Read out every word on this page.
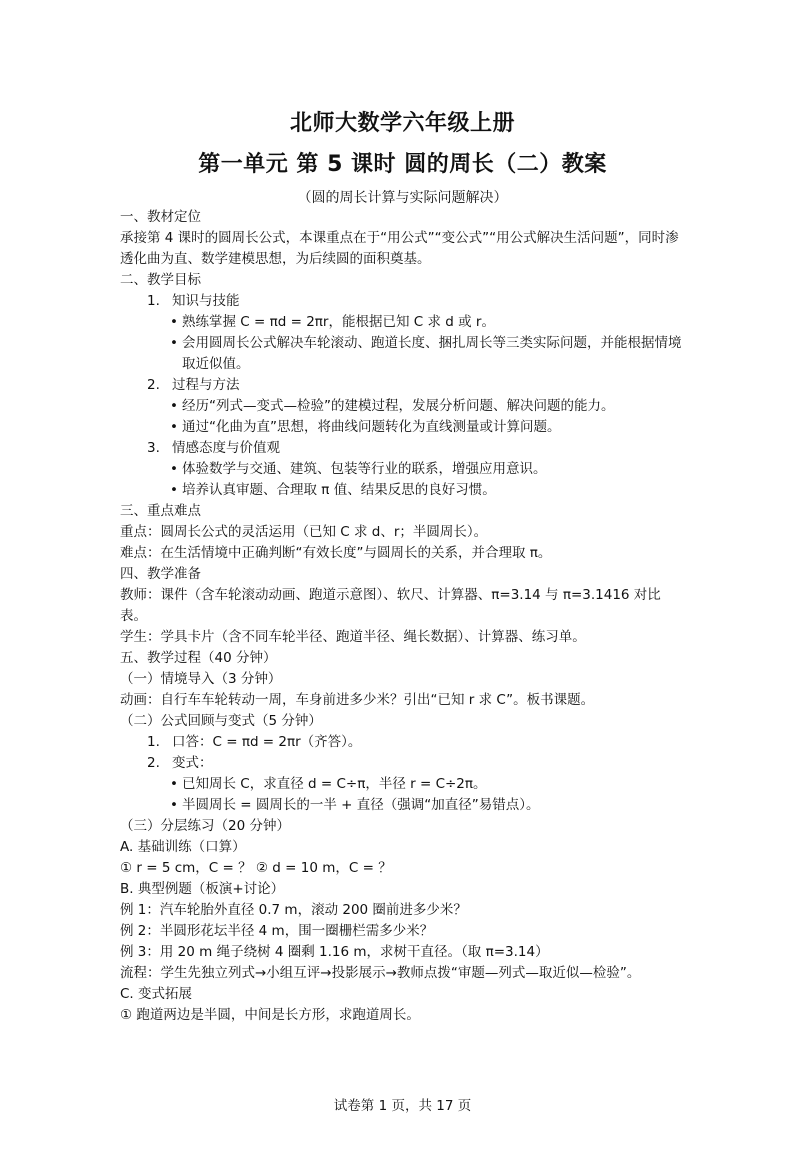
北师大数学六年级上册
第一单元 第 5 课时 圆的周长（二）教案
（圆的周长计算与实际问题解决）
一、教材定位
承接第 4 课时的圆周长公式，本课重点在于“用公式”“变公式”“用公式解决生活问题”，同时渗透化曲为直、数学建模思想，为后续圆的面积奠基。
二、教学目标
1. 知识与技能
• 熟练掌握 C = πd = 2πr，能根据已知 C 求 d 或 r。
• 会用圆周长公式解决车轮滚动、跑道长度、捆扎周长等三类实际问题，并能根据情境取近似值。
2. 过程与方法
• 经历“列式—变式—检验”的建模过程，发展分析问题、解决问题的能力。
• 通过“化曲为直”思想，将曲线问题转化为直线测量或计算问题。
3. 情感态度与价值观
• 体验数学与交通、建筑、包装等行业的联系，增强应用意识。
• 培养认真审题、合理取 π 值、结果反思的良好习惯。
三、重点难点
重点：圆周长公式的灵活运用（已知 C 求 d、r；半圆周长）。
难点：在生活情境中正确判断“有效长度”与圆周长的关系，并合理取 π。
四、教学准备
教师：课件（含车轮滚动动画、跑道示意图）、软尺、计算器、π=3.14 与 π=3.1416 对比表。
学生：学具卡片（含不同车轮半径、跑道半径、绳长数据）、计算器、练习单。
五、教学过程（40 分钟）
（一）情境导入（3 分钟）
动画：自行车车轮转动一周，车身前进多少米？引出“已知 r 求 C”。板书课题。
（二）公式回顾与变式（5 分钟）
1. 口答：C = πd = 2πr（齐答）。
2. 变式：
• 已知周长 C，求直径 d = C÷π，半径 r = C÷2π。
• 半圆周长 = 圆周长的一半 + 直径（强调“加直径”易错点）。
（三）分层练习（20 分钟）
A. 基础训练（口算）
① r = 5 cm，C = ？ ② d = 10 m，C = ？
B. 典型例题（板演+讨论）
例 1：汽车轮胎外直径 0.7 m，滚动 200 圈前进多少米？
例 2：半圆形花坛半径 4 m，围一圈栅栏需多少米？
例 3：用 20 m 绳子绕树 4 圈剩 1.16 m，求树干直径。（取 π=3.14）
流程：学生先独立列式→小组互评→投影展示→教师点拨“审题—列式—取近似—检验”。
C. 变式拓展
① 跑道两边是半圆，中间是长方形，求跑道周长。
试卷第 1 页，共 17 页
